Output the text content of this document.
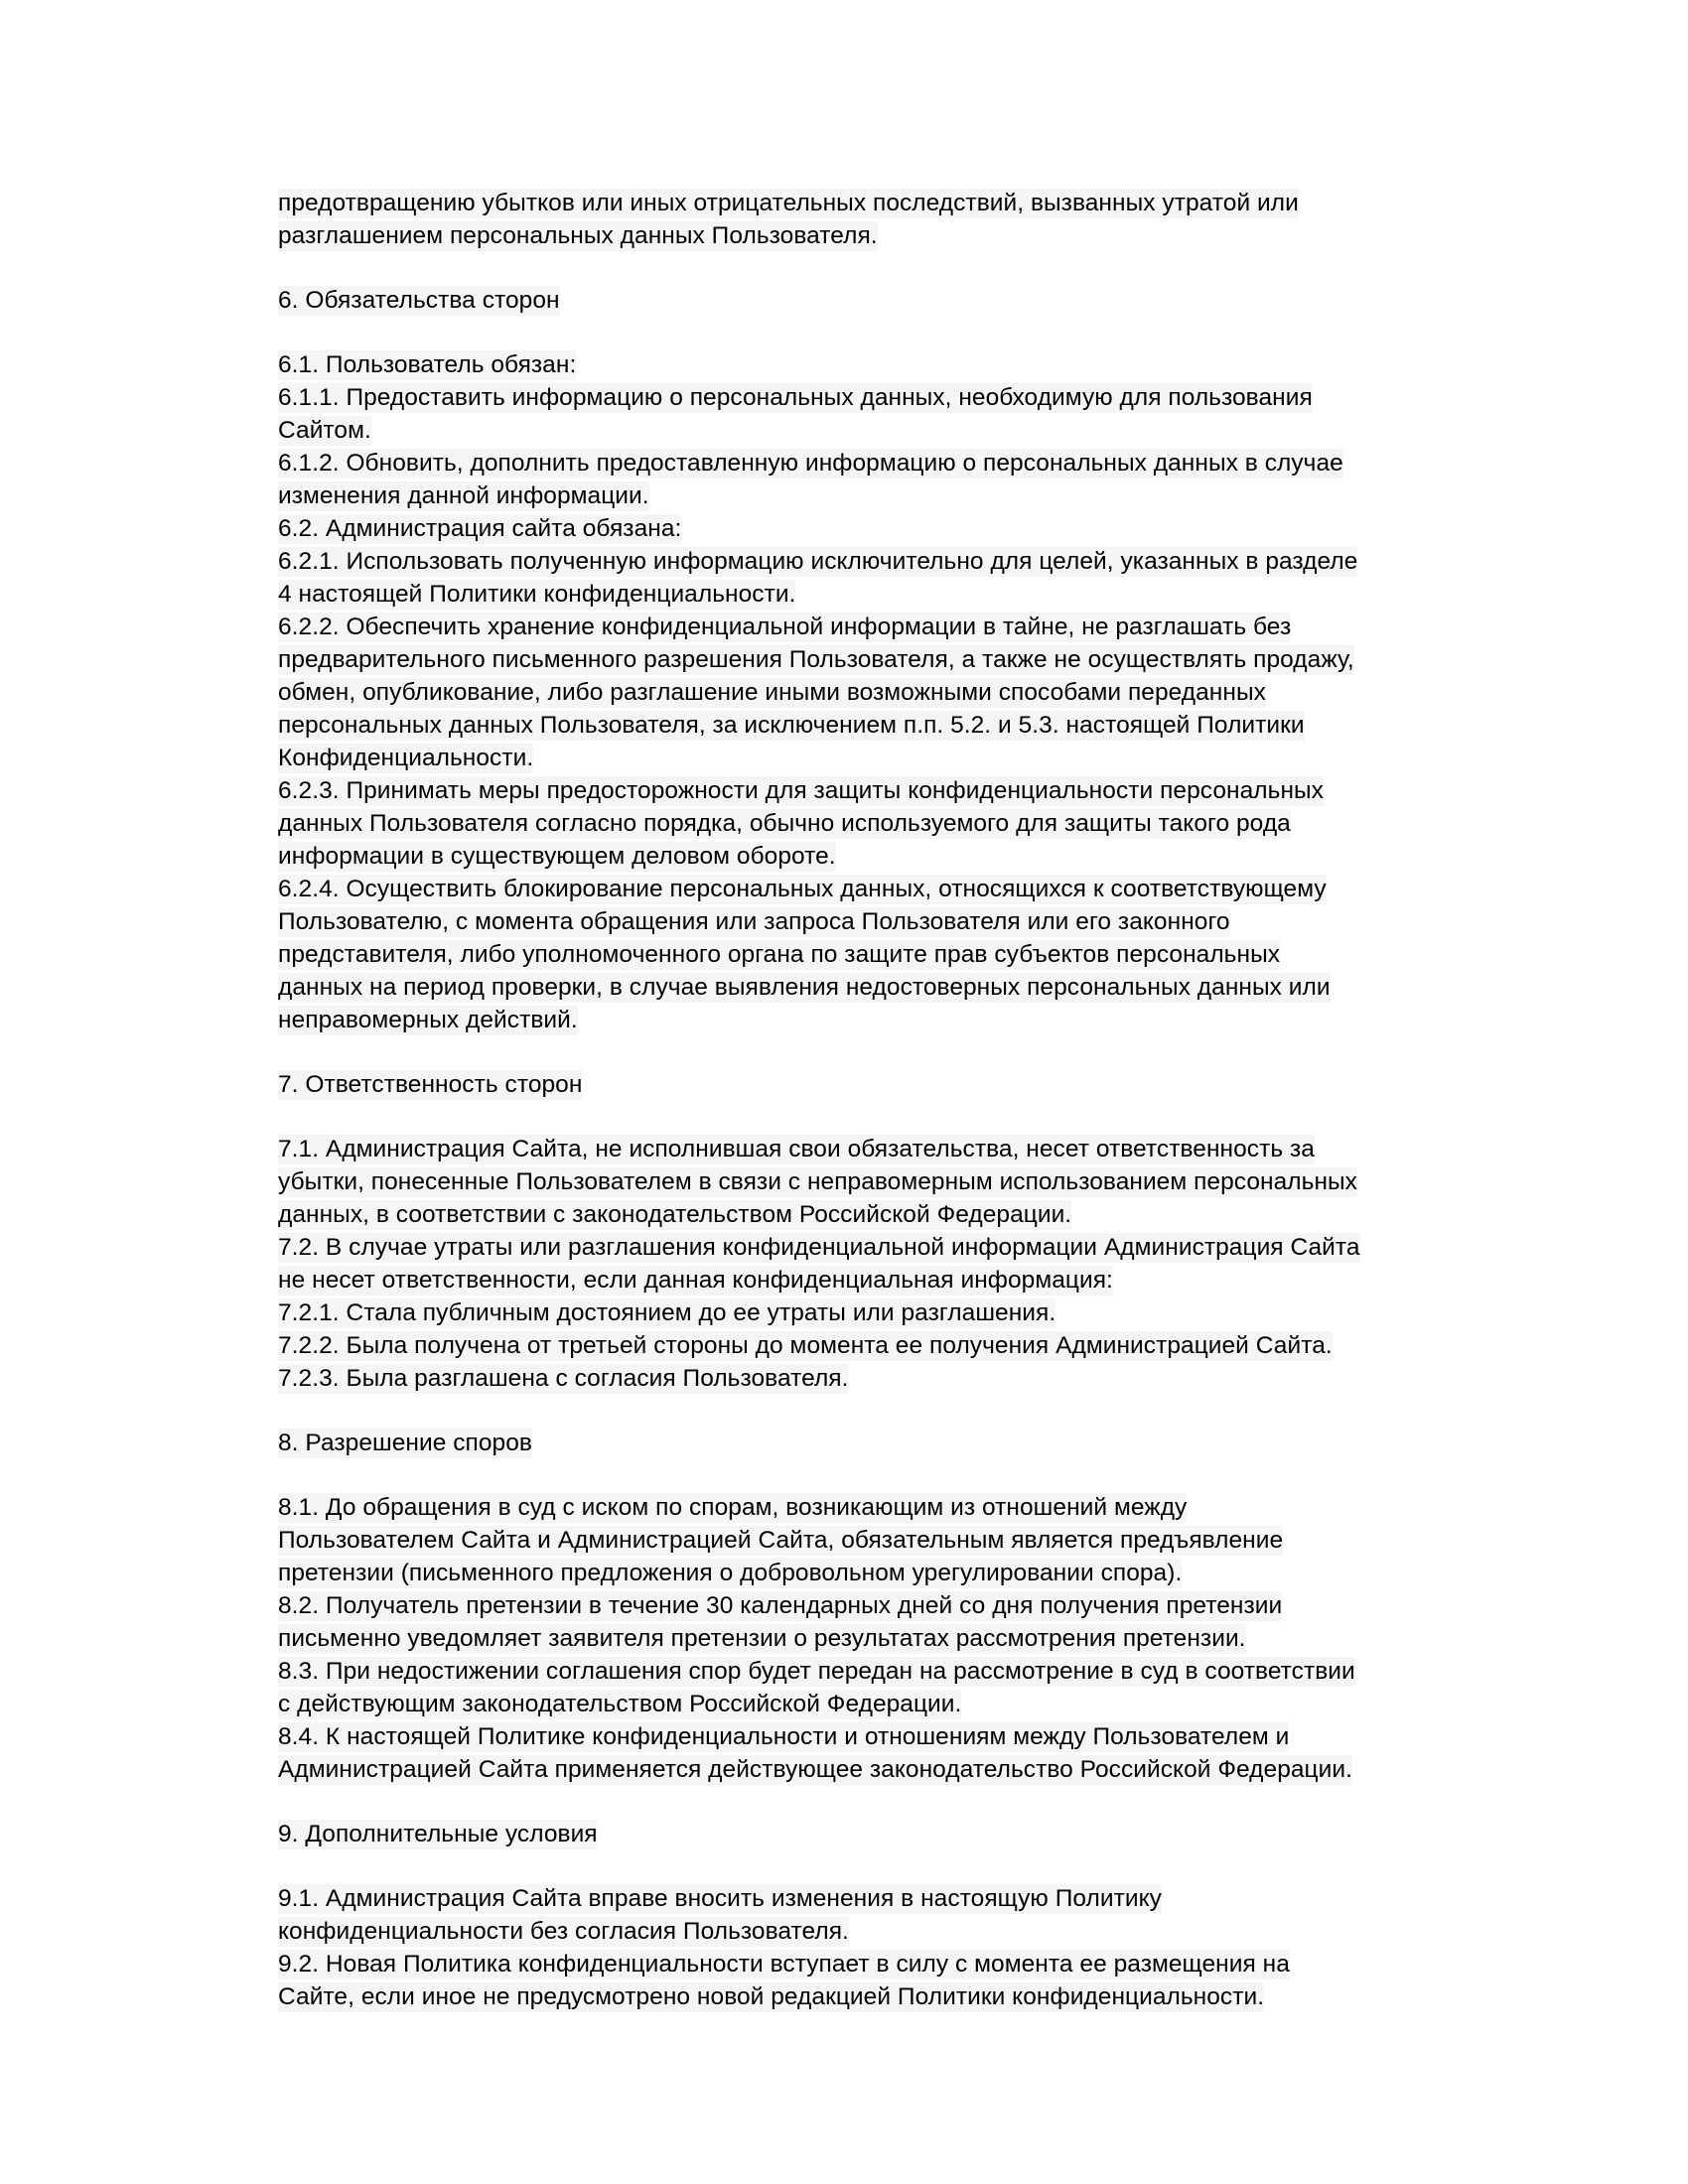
предотвращению убытков или иных отрицательных последствий, вызванных утратой или
разглашением персональных данных Пользователя.
6. Обязательства сторон
6.1. Пользователь обязан:
6.1.1. Предоставить информацию о персональных данных, необходимую для пользования
Сайтом.
6.1.2. Обновить, дополнить предоставленную информацию о персональных данных в случае
изменения данной информации.
6.2. Администрация сайта обязана:
6.2.1. Использовать полученную информацию исключительно для целей, указанных в разделе
4 настоящей Политики конфиденциальности.
6.2.2. Обеспечить хранение конфиденциальной информации в тайне, не разглашать без
предварительного письменного разрешения Пользователя, а также не осуществлять продажу,
обмен, опубликование, либо разглашение иными возможными способами переданных
персональных данных Пользователя, за исключением п.п. 5.2. и 5.3. настоящей Политики
Конфиденциальности.
6.2.3. Принимать меры предосторожности для защиты конфиденциальности персональных
данных Пользователя согласно порядка, обычно используемого для защиты такого рода
информации в существующем деловом обороте.
6.2.4. Осуществить блокирование персональных данных, относящихся к соответствующему
Пользователю, с момента обращения или запроса Пользователя или его законного
представителя, либо уполномоченного органа по защите прав субъектов персональных
данных на период проверки, в случае выявления недостоверных персональных данных или
неправомерных действий.
7. Ответственность сторон
7.1. Администрация Сайта, не исполнившая свои обязательства, несет ответственность за
убытки, понесенные Пользователем в связи с неправомерным использованием персональных
данных, в соответствии с законодательством Российской Федерации.
7.2. В случае утраты или разглашения конфиденциальной информации Администрация Сайта
не несет ответственности, если данная конфиденциальная информация:
7.2.1. Стала публичным достоянием до ее утраты или разглашения.
7.2.2. Была получена от третьей стороны до момента ее получения Администрацией Сайта.
7.2.3. Была разглашена с согласия Пользователя.
8. Разрешение споров
8.1. До обращения в суд с иском по спорам, возникающим из отношений между
Пользователем Сайта и Администрацией Сайта, обязательным является предъявление
претензии (письменного предложения о добровольном урегулировании спора).
8.2. Получатель претензии в течение 30 календарных дней со дня получения претензии
письменно уведомляет заявителя претензии о результатах рассмотрения претензии.
8.3. При недостижении соглашения спор будет передан на рассмотрение в суд в соответствии
с действующим законодательством Российской Федерации.
8.4. К настоящей Политике конфиденциальности и отношениям между Пользователем и
Администрацией Сайта применяется действующее законодательство Российской Федерации.
9. Дополнительные условия
9.1. Администрация Сайта вправе вносить изменения в настоящую Политику
конфиденциальности без согласия Пользователя.
9.2. Новая Политика конфиденциальности вступает в силу с момента ее размещения на
Сайте, если иное не предусмотрено новой редакцией Политики конфиденциальности.
